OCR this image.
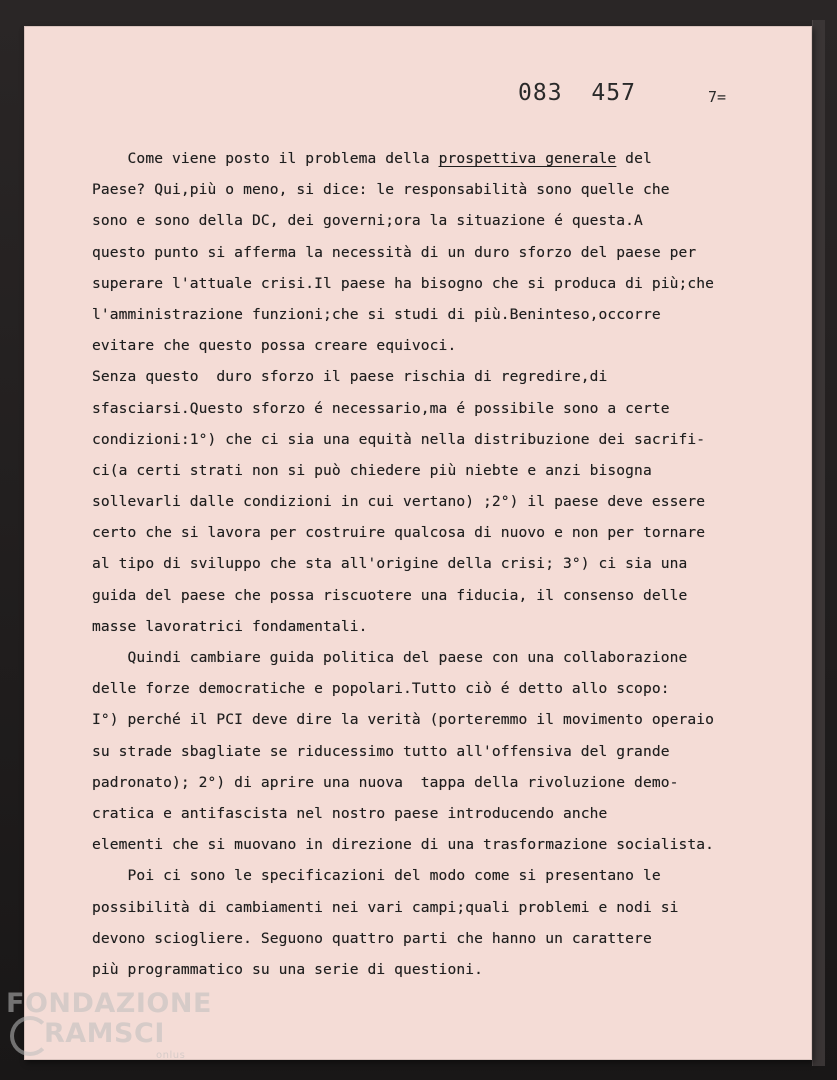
083 457	7=
Come viene posto il problema della prospettiva generale del
Paese? Qui,più o meno, si dice: le responsabilità sono quelle che
sono e sono della DC, dei governi;ora la situazione é questa.A
questo punto si afferma la necessità di un duro sforzo del paese per
superare l'attuale crisi.Il paese ha bisogno che si produca di più;che
l'amministrazione funzioni;che si studi di più.Beninteso,occorre
evitare che questo possa creare equivoci.
Senza questo  duro sforzo il paese rischia di regredire,di
sfasciarsi.Questo sforzo é necessario,ma é possibile sono a certe
condizioni:1°) che ci sia una equità nella distribuzione dei sacrifi-
ci(a certi strati non si può chiedere più niebte e anzi bisogna
sollevarli dalle condizioni in cui vertano) ;2°) il paese deve essere
certo che si lavora per costruire qualcosa di nuovo e non per tornare
al tipo di sviluppo che sta all'origine della crisi; 3°) ci sia una
guida del paese che possa riscuotere una fiducia, il consenso delle
masse lavoratrici fondamentali.
Quindi cambiare guida politica del paese con una collaborazione
delle forze democratiche e popolari.Tutto ciò é detto allo scopo:
I°) perché il PCI deve dire la verità (porteremmo il movimento operaio
su strade sbagliate se riducessimo tutto all'offensiva del grande
padronato); 2°) di aprire una nuova  tappa della rivoluzione demo-
cratica e antifascista nel nostro paese introducendo anche
elementi che si muovano in direzione di una trasformazione socialista.
Poi ci sono le specificazioni del modo come si presentano le
possibilità di cambiamenti nei vari campi;quali problemi e nodi si
devono sciogliere. Seguono quattro parti che hanno un carattere
più programmatico su una serie di questioni.
FONDAZIONE
RAMSCI
onlus
